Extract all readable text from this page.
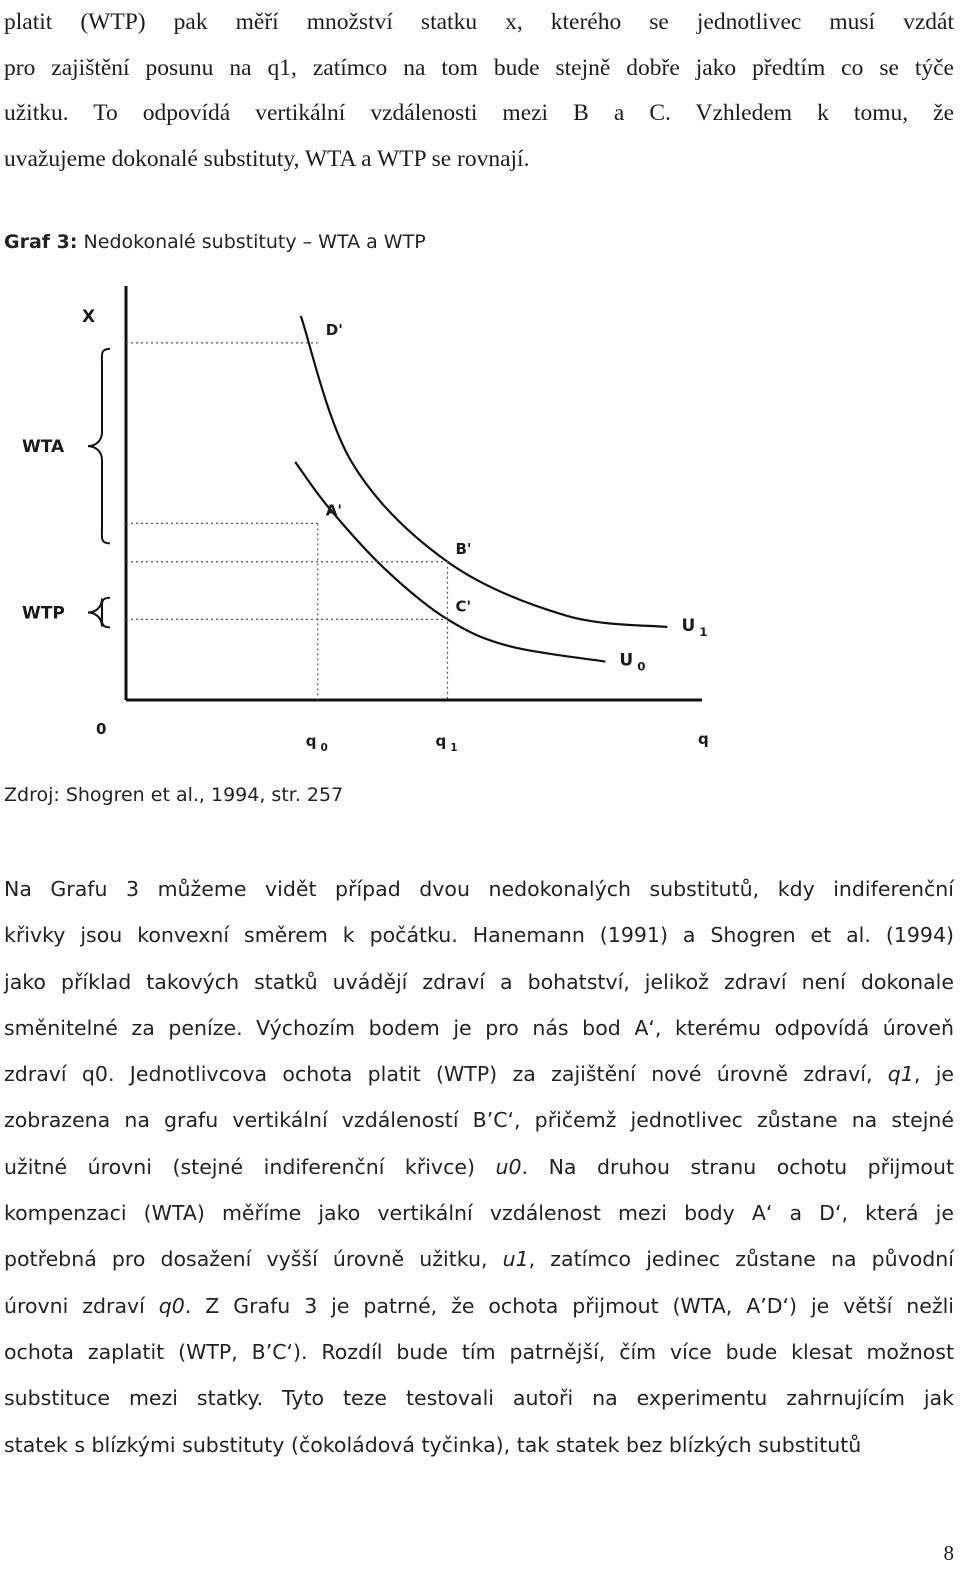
platit (WTP) pak měří množství statku x, kterého se jednotlivec musí vzdát
pro zajištění posunu na q1, zatímco na tom bude stejně dobře jako předtím co se týče
užitku. To odpovídá vertikální vzdálenosti mezi B a C. Vzhledem k tomu, že
uvažujeme dokonalé substituty, WTA a WTP se rovnají.

Graf 3: Nedokonalé substituty – WTA a WTP

U $_1$
U $_0$
D'
A'
B'
C'
X
q
0
q $_0$	q $_1$
WTA
WTP

Zdroj: Shogren et al., 1994, str. 257

Na Grafu 3 můžeme vidět případ dvou nedokonalých substitutů, kdy indiferenční
křivky jsou konvexní směrem k počátku. Hanemann (1991) a Shogren et al. (1994)
jako příklad takových statků uvádějí zdraví a bohatství, jelikož zdraví není dokonale
směnitelné za peníze. Výchozím bodem je pro nás bod A‘, kterému odpovídá úroveň
zdraví q0. Jednotlivcova ochota platit (WTP) za zajištění nové úrovně zdraví, q1, je
zobrazena na grafu vertikální vzdáleností B’C‘, přičemž jednotlivec zůstane na stejné
užitné úrovni (stejné indiferenční křivce) u0. Na druhou stranu ochotu přijmout
kompenzaci (WTA) měříme jako vertikální vzdálenost mezi body A‘ a D‘, která je
potřebná pro dosažení vyšší úrovně užitku, u1, zatímco jedinec zůstane na původní
úrovni zdraví q0. Z Grafu 3 je patrné, že ochota přijmout (WTA, A’D‘) je větší nežli
ochota zaplatit (WTP, B’C‘). Rozdíl bude tím patrnější, čím více bude klesat možnost
substituce mezi statky. Tyto teze testovali autoři na experimentu zahrnujícím jak
statek s blízkými substituty (čokoládová tyčinka), tak statek bez blízkých substitutů

8
